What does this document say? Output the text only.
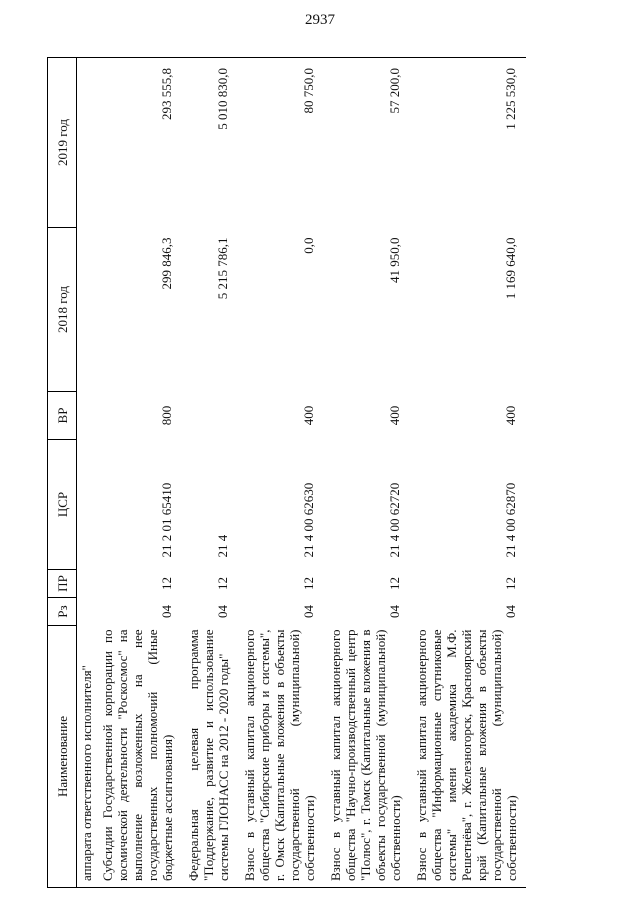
2937
Наименование	Рз	ПР	ЦСР	ВР	2018 год	2019 год
аппарата ответственного исполнителя"						
Субсидии Государственной корпорации по космической деятельности "Роскосмос" на выполнение возложенных на нее государственных полномочий (Иные бюджетные ассигнования)	04	12	21 2 01 65410	800	299 846,3	293 555,8
Федеральная целевая программа "Поддержание, развитие и использование системы ГЛОНАСС на 2012 - 2020 годы"	04	12	21 4		5 215 786,1	5 010 830,0
Взнос в уставный капитал акционерного общества "Сибирские приборы и системы", г. Омск (Капитальные вложения в объекты государственной (муниципальной) собственности)	04	12	21 4 00 62630	400	0,0	80 750,0
Взнос в уставный капитал акционерного общества "Научно-производственный центр "Полюс", г. Томск (Капитальные вложения в объекты государственной (муниципальной) собственности)	04	12	21 4 00 62720	400	41 950,0	57 200,0
Взнос в уставный капитал акционерного общества "Информационные спутниковые системы" имени академика М.Ф. Решетнёва", г. Железногорск, Красноярский край (Капитальные вложения в объекты государственной (муниципальной) собственности)	04	12	21 4 00 62870	400	1 169 640,0	1 225 530,0
